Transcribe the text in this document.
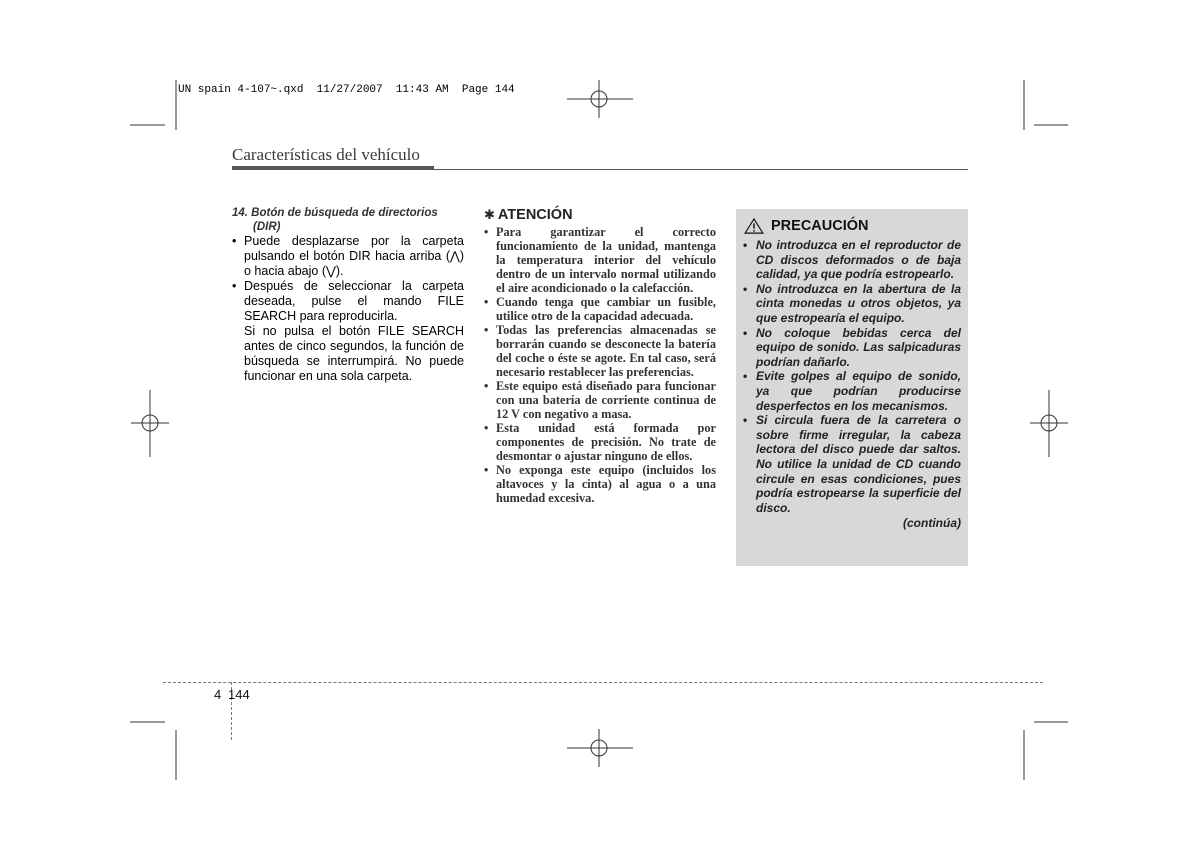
UN spain 4-107~.qxd  11/27/2007  11:43 AM  Page 144
Características del vehículo
14. Botón de búsqueda de directorios
(DIR)
• Puede desplazarse por la carpeta pulsando el botón DIR hacia arriba (⋀) o hacia abajo (⋁).
• Después de seleccionar la carpeta deseada, pulse el mando FILE SEARCH para reproducirla.
Si no pulsa el botón FILE SEARCH antes de cinco segundos, la función de búsqueda se interrumpirá. No puede funcionar en una sola carpeta.
✱ ATENCIÓN
• Para garantizar el correcto funcionamiento de la unidad, mantenga la temperatura interior del vehículo dentro de un intervalo normal utilizando el aire acondicionado o la calefacción.
• Cuando tenga que cambiar un fusible, utilice otro de la capacidad adecuada.
• Todas las preferencias almacenadas se borrarán cuando se desconecte la batería del coche o éste se agote. En tal caso, será necesario restablecer las preferencias.
• Este equipo está diseñado para funcionar con una batería de corriente continua de 12 V con negativo a masa.
• Esta unidad está formada por componentes de precisión. No trate de desmontar o ajustar ninguno de ellos.
• No exponga este equipo (incluidos los altavoces y la cinta) al agua o a una humedad excesiva.
PRECAUCIÓN
• No introduzca en el reproductor de CD discos deformados o de baja calidad, ya que podría estropearlo.
• No introduzca en la abertura de la cinta monedas u otros objetos, ya que estropearía el equipo.
• No coloque bebidas cerca del equipo de sonido. Las salpicaduras podrían dañarlo.
• Evite golpes al equipo de sonido, ya que podrían producirse desperfectos en los mecanismos.
• Si circula fuera de la carretera o sobre firme irregular, la cabeza lectora del disco puede dar saltos. No utilice la unidad de CD cuando circule en esas condiciones, pues podría estropearse la superficie del disco.
(continúa)
4 144
